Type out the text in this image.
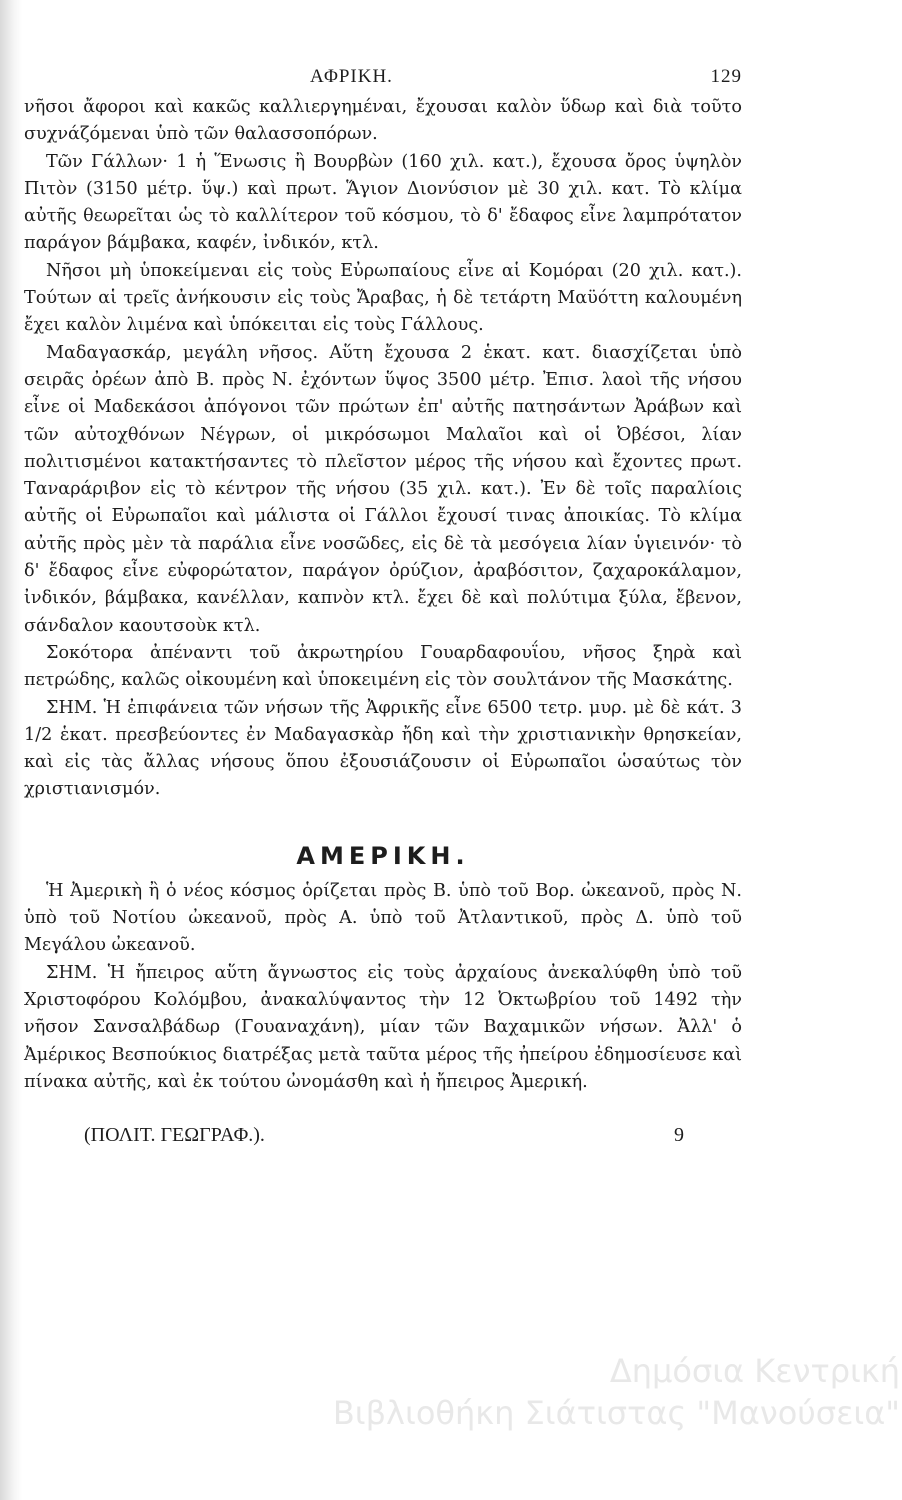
ΑΦΡΙΚΗ.	129

νῆσοι ἄφοροι καὶ κακῶς καλλιεργημέναι, ἔχουσαι καλὸν ὕδωρ καὶ διὰ τοῦτο συχνάζόμεναι ὑπὸ τῶν θαλασσοπόρων.

Τῶν Γάλλων· 1 ἡ Ἕνωσις ἢ Βουρβὼν (160 χιλ. κατ.), ἔχουσα ὄρος ὑψηλὸν Πιτὸν (3150 μέτρ. ὕψ.) καὶ πρωτ. Ἅγιον Διονύσιον μὲ 30 χιλ. κατ. Τὸ κλίμα αὐτῆς θεωρεῖται ὡς τὸ καλλίτερον τοῦ κόσμου, τὸ δ' ἔδαφος εἶνε λαμπρότατον παράγον βάμβακα, καφέν, ἰνδικόν, κτλ.

Νῆσοι μὴ ὑποκείμεναι εἰς τοὺς Εὐρωπαίους εἶνε αἱ Κομόραι (20 χιλ. κατ.). Τούτων αἱ τρεῖς ἀνήκουσιν εἰς τοὺς Ἄραβας, ἡ δὲ τετάρτη Μαϋόττη καλουμένη ἔχει καλὸν λιμένα καὶ ὑπόκειται εἰς τοὺς Γάλλους.

Μαδαγασκάρ, μεγάλη νῆσος. Αὕτη ἔχουσα 2 ἑκατ. κατ. διασχίζεται ὑπὸ σειρᾶς ὀρέων ἀπὸ Β. πρὸς Ν. ἐχόντων ὕψος 3500 μέτρ. Ἐπισ. λαοὶ τῆς νήσου εἶνε οἱ Μαδεκάσοι ἀπόγονοι τῶν πρώτων ἐπ' αὐτῆς πατησάντων Ἀράβων καὶ τῶν αὐτοχθόνων Νέγρων, οἱ μικρόσωμοι Μαλαῖοι καὶ οἱ Ὀβέσοι, λίαν πολιτισμένοι κατακτήσαντες τὸ πλεῖστον μέρος τῆς νήσου καὶ ἔχοντες πρωτ. Ταναράριβον εἰς τὸ κέντρον τῆς νήσου (35 χιλ. κατ.). Ἐν δὲ τοῖς παραλίοις αὐτῆς οἱ Εὐρωπαῖοι καὶ μάλιστα οἱ Γάλλοι ἔχουσί τινας ἀποικίας. Τὸ κλίμα αὐτῆς πρὸς μὲν τὰ παράλια εἶνε νοσῶδες, εἰς δὲ τὰ μεσόγεια λίαν ὑγιεινόν· τὸ δ' ἔδαφος εἶνε εὐφορώτατον, παράγον ὀρύζιον, ἀραβόσιτον, ζαχαροκάλαμον, ἰνδικόν, βάμβακα, κανέλλαν, καπνὸν κτλ. ἔχει δὲ καὶ πολύτιμα ξύλα, ἔβενον, σάνδαλον καουτσοὺκ κτλ.

Σοκότορα ἀπέναντι τοῦ ἀκρωτηρίου Γουαρδαφουΐου, νῆσος ξηρὰ καὶ πετρώδης, καλῶς οἰκουμένη καὶ ὑποκειμένη εἰς τὸν σουλτάνον τῆς Μασκάτης.

ΣΗΜ. Ἡ ἐπιφάνεια τῶν νήσων τῆς Ἀφρικῆς εἶνε 6500 τετρ. μυρ. μὲ δὲ κάτ. 3 1/2 ἑκατ. πρεσβεύοντες ἐν Μαδαγασκὰρ ἤδη καὶ τὴν χριστιανικὴν θρησκείαν, καὶ εἰς τὰς ἄλλας νήσους ὅπου ἐξουσιάζουσιν οἱ Εὐρωπαῖοι ὡσαύτως τὸν χριστιανισμόν.

ΑΜΕΡΙΚΗ.

Ἡ Ἀμερικὴ ἢ ὁ νέος κόσμος ὁρίζεται πρὸς Β. ὑπὸ τοῦ Βορ. ὠκεανοῦ, πρὸς Ν. ὑπὸ τοῦ Νοτίου ὠκεανοῦ, πρὸς Α. ὑπὸ τοῦ Ἀτλαντικοῦ, πρὸς Δ. ὑπὸ τοῦ Μεγάλου ὠκεανοῦ.

ΣΗΜ. Ἡ ἤπειρος αὕτη ἄγνωστος εἰς τοὺς ἀρχαίους ἀνεκαλύφθη ὑπὸ τοῦ Χριστοφόρου Κολόμβου, ἀνακαλύψαντος τὴν 12 Ὀκτωβρίου τοῦ 1492 τὴν νῆσον Σανσαλβάδωρ (Γουαναχάνη), μίαν τῶν Βαχαμικῶν νήσων. Ἀλλ' ὁ Ἀμέρικος Βεσπούκιος διατρέξας μετὰ ταῦτα μέρος τῆς ἠπείρου ἐδημοσίευσε καὶ πίνακα αὐτῆς, καὶ ἐκ τούτου ὠνομάσθη καὶ ἡ ἤπειρος Ἀμερική.

(ΠΟΛΙΤ. ΓΕΩΓΡΑΦ.).	9
Δημόσια Κεντρική
Βιβλιοθήκη Σιάτιστας "Μανούσεια"
